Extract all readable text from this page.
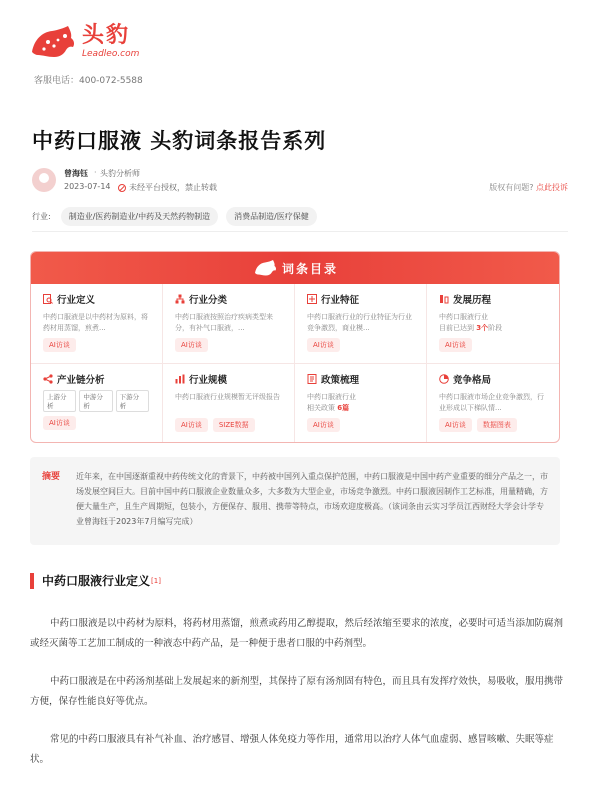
头豹
Leadleo.com
客服电话：400-072-5588
中药口服液 头豹词条报告系列
曾海钰 · 头豹分析师
2023-07-14 未经平台授权，禁止转载	版权有问题? 点此投诉
行业:	制造业/医药制造业/中药及天然药物制造	消费品制造/医疗保健
词条目录
行业定义
中药口服液是以中药材为原料，将药材用蒸馏，煎煮...
AI访谈
行业分类
中药口服液按照治疗疾病类型来分，有补气口服液，...
AI访谈
行业特征
中药口服液行业的行业特征为行业竞争激烈，商业模...
AI访谈
发展历程
中药口服液行业
目前已达到 3个阶段
AI访谈
产业链分析
上游分析
中游分析
下游分析
AI访谈
行业规模
中药口服液行业规模暂无评级报告
AI访谈	SIZE数据
政策梳理
中药口服液行业
相关政策 6篇
AI访谈
竞争格局
中药口服液市场企业竞争激烈，行业形成以下梯队情...
AI访谈	数据图表
摘要	近年来，在中国逐渐重视中药传统文化的背景下，中药被中国列入重点保护范围，中药口服液是中国中药产业重要的细分产品之一，市场发展空间巨大。目前中国中药口服液企业数量众多，大多数为大型企业，市场竞争激烈。中药口服液因制作工艺标准，用量精确，方便大量生产，且生产周期短，包装小，方便保存、服用、携带等特点，市场欢迎度极高。（该词条由云实习学员江西财经大学会计学专业曾海钰于2023年7月编写完成）
中药口服液行业定义 [1]
中药口服液是以中药材为原料，将药材用蒸馏，煎煮或药用乙醇提取，然后经浓缩至要求的浓度，必要时可适当添加防腐剂或经灭菌等工艺加工制成的一种液态中药产品，是一种便于患者口服的中药剂型。
中药口服液是在中药汤剂基础上发展起来的新剂型，其保持了原有汤剂固有特色，而且具有发挥疗效快，易吸收，服用携带方便，保存性能良好等优点。
常见的中药口服液具有补气补血、治疗感冒、增强人体免疫力等作用，通常用以治疗人体气血虚弱、感冒咳嗽、失眠等症状。
